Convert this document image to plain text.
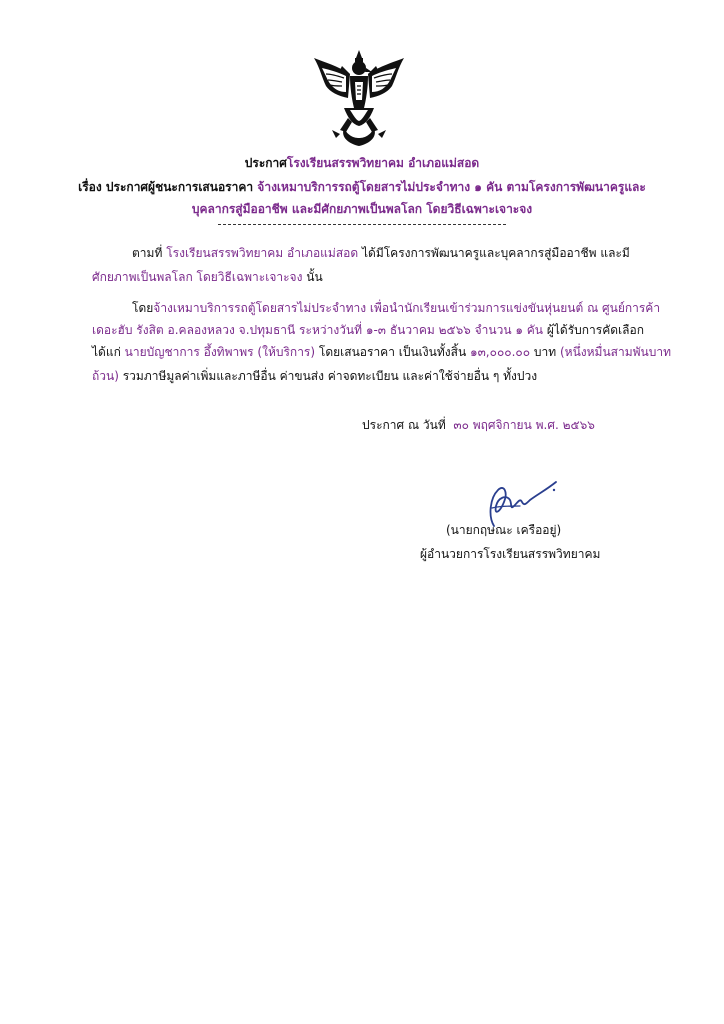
ประกาศโรงเรียนสรรพวิทยาคม อำเภอแม่สอด
เรื่อง ประกาศผู้ชนะการเสนอราคา จ้างเหมาบริการรถตู้โดยสารไม่ประจำทาง ๑ คัน ตามโครงการพัฒนาครูและ
บุคลากรสู่มืออาชีพ และมีศักยภาพเป็นพลโลก โดยวิธีเฉพาะเจาะจง
ตามที่ โรงเรียนสรรพวิทยาคม อำเภอแม่สอด ได้มีโครงการพัฒนาครูและบุคลากรสู่มืออาชีพ และมี
ศักยภาพเป็นพลโลก โดยวิธีเฉพาะเจาะจง นั้น
โดยจ้างเหมาบริการรถตู้โดยสารไม่ประจำทาง เพื่อนำนักเรียนเข้าร่วมการแข่งขันหุ่นยนต์ ณ ศูนย์การค้า
เดอะฮับ รังสิต อ.คลองหลวง จ.ปทุมธานี ระหว่างวันที่ ๑-๓ ธันวาคม ๒๕๖๖ จำนวน ๑ คัน ผู้ได้รับการคัดเลือก
ได้แก่ นายบัญชาการ อึ้งทิพาพร (ให้บริการ) โดยเสนอราคา เป็นเงินทั้งสิ้น ๑๓,๐๐๐.๐๐ บาท (หนึ่งหมื่นสามพันบาท
ถ้วน) รวมภาษีมูลค่าเพิ่มและภาษีอื่น ค่าขนส่ง ค่าจดทะเบียน และค่าใช้จ่ายอื่น ๆ ทั้งปวง
ประกาศ ณ วันที่ ๓๐ พฤศจิกายน พ.ศ. ๒๕๖๖
(นายกฤษณะ เครืออยู่)
ผู้อำนวยการโรงเรียนสรรพวิทยาคม
